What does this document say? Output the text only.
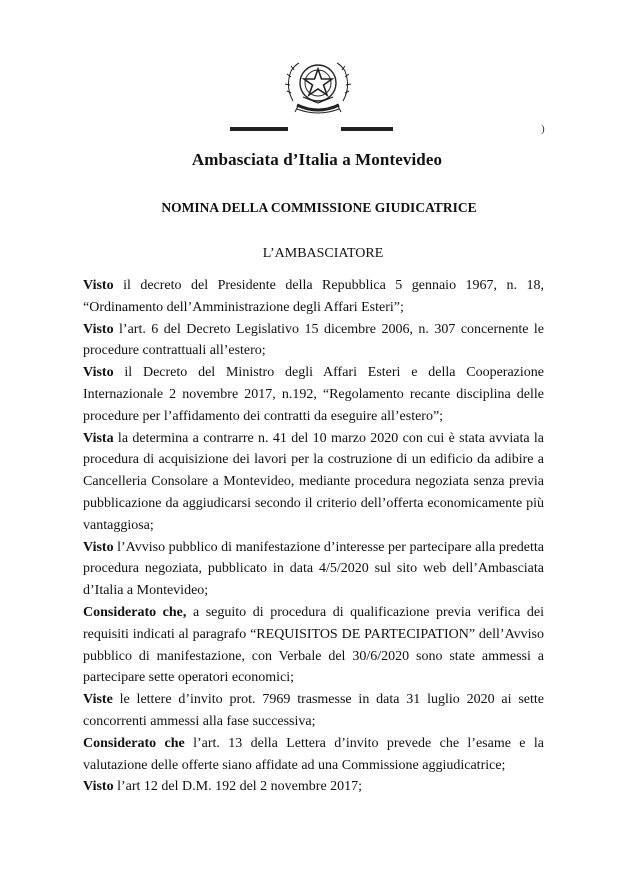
)
Ambasciata d’Italia a Montevideo
NOMINA DELLA COMMISSIONE GIUDICATRICE
L’AMBASCIATORE

Visto il decreto del Presidente della Repubblica 5 gennaio 1967, n. 18, “Ordinamento dell’Amministrazione degli Affari Esteri”;

Visto l’art. 6 del Decreto Legislativo 15 dicembre 2006, n. 307 concernente le procedure contrattuali all’estero;

Visto il Decreto del Ministro degli Affari Esteri e della Cooperazione Internazionale 2 novembre 2017, n.192, “Regolamento recante disciplina delle procedure per l’affidamento dei contratti da eseguire all’estero”;

Vista la determina a contrarre n. 41 del 10 marzo 2020 con cui è stata avviata la procedura di acquisizione dei lavori per la costruzione di un edificio da adibire a Cancelleria Consolare a Montevideo, mediante procedura negoziata senza previa pubblicazione da aggiudicarsi secondo il criterio dell’offerta economicamente più vantaggiosa;

Visto l’Avviso pubblico di manifestazione d’interesse per partecipare alla predetta procedura negoziata, pubblicato in data 4/5/2020 sul sito web dell’Ambasciata d’Italia a Montevideo;

Considerato che, a seguito di procedura di qualificazione previa verifica dei requisiti indicati al paragrafo “REQUISITOS DE PARTECIPATION” dell’Avviso pubblico di manifestazione, con Verbale del 30/6/2020 sono state ammessi a partecipare sette operatori economici;

Viste le lettere d’invito prot. 7969 trasmesse in data 31 luglio 2020 ai sette concorrenti ammessi alla fase successiva;

Considerato che l’art. 13 della Lettera d’invito prevede che l’esame e la valutazione delle offerte siano affidate ad una Commissione aggiudicatrice;

Visto l’art 12 del D.M. 192 del 2 novembre 2017;
